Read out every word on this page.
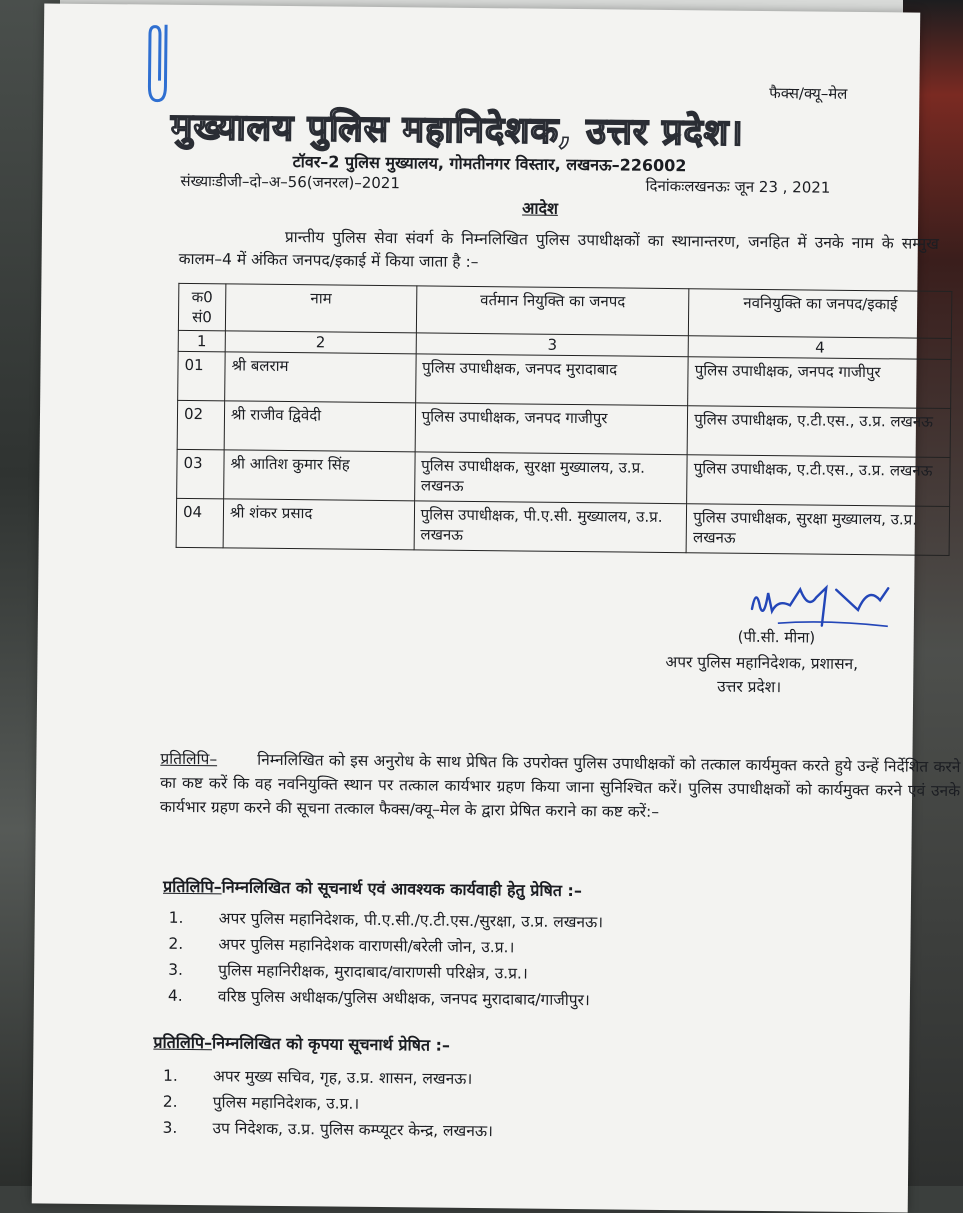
फैक्स/क्यू–मेल
मुख्यालय पुलिस महानिदेशक, उत्तर प्रदेश।
टॉवर–2 पुलिस मुख्यालय, गोमतीनगर विस्तार, लखनऊ–226002
संख्याःडीजी–दो–अ–56(जनरल)–2021	दिनांकःलखनऊः जून 23 , 2021
आदेश
प्रान्तीय पुलिस सेवा संवर्ग के निम्नलिखित पुलिस उपाधीक्षकों का स्थानान्तरण, जनहित में उनके नाम के सम्मुख कालम–4 में अंकित जनपद/इकाई में किया जाता है :–
क0 सं0	नाम	वर्तमान नियुक्ति का जनपद	नवनियुक्ति का जनपद/इकाई
1	2	3	4
01	श्री बलराम	पुलिस उपाधीक्षक, जनपद मुरादाबाद	पुलिस उपाधीक्षक, जनपद गाजीपुर
02	श्री राजीव द्विवेदी	पुलिस उपाधीक्षक, जनपद गाजीपुर	पुलिस उपाधीक्षक, ए.टी.एस., उ.प्र. लखनऊ
03	श्री आतिश कुमार सिंह	पुलिस उपाधीक्षक, सुरक्षा मुख्यालय, उ.प्र. लखनऊ	पुलिस उपाधीक्षक, ए.टी.एस., उ.प्र. लखनऊ
04	श्री शंकर प्रसाद	पुलिस उपाधीक्षक, पी.ए.सी. मुख्यालय, उ.प्र. लखनऊ	पुलिस उपाधीक्षक, सुरक्षा मुख्यालय, उ.प्र. लखनऊ
(पी.सी. मीना)
अपर पुलिस महानिदेशक, प्रशासन,
उत्तर प्रदेश।
प्रतिलिपि–	निम्नलिखित को इस अनुरोध के साथ प्रेषित कि उपरोक्त पुलिस उपाधीक्षकों को तत्काल कार्यमुक्त करते हुये उन्हें निर्देशित करने का कष्ट करें कि वह नवनियुक्ति स्थान पर तत्काल कार्यभार ग्रहण किया जाना सुनिश्चित करें। पुलिस उपाधीक्षकों को कार्यमुक्त करने एवं उनके कार्यभार ग्रहण करने की सूचना तत्काल फैक्स/क्यू–मेल के द्वारा प्रेषित कराने का कष्ट करें:–
प्रतिलिपि–निम्नलिखित को सूचनार्थ एवं आवश्यक कार्यवाही हेतु प्रेषित :–
1. अपर पुलिस महानिदेशक, पी.ए.सी./ए.टी.एस./सुरक्षा, उ.प्र. लखनऊ।
2. अपर पुलिस महानिदेशक वाराणसी/बरेली जोन, उ.प्र.।
3. पुलिस महानिरीक्षक, मुरादाबाद/वाराणसी परिक्षेत्र, उ.प्र.।
4. वरिष्ठ पुलिस अधीक्षक/पुलिस अधीक्षक, जनपद मुरादाबाद/गाजीपुर।
प्रतिलिपि–निम्नलिखित को कृपया सूचनार्थ प्रेषित :–
1. अपर मुख्य सचिव, गृह, उ.प्र. शासन, लखनऊ।
2. पुलिस महानिदेशक, उ.प्र.।
3. उप निदेशक, उ.प्र. पुलिस कम्प्यूटर केन्द्र, लखनऊ।
